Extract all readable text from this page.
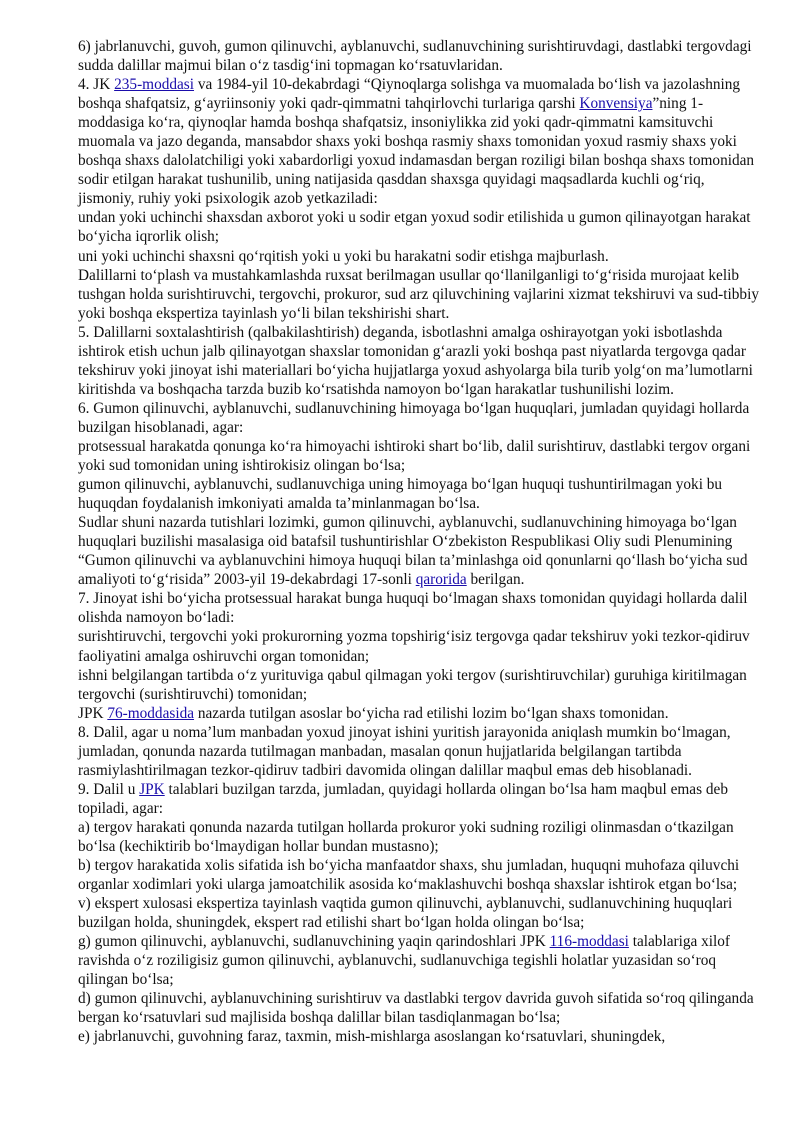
6) jabrlanuvchi, guvoh, gumon qilinuvchi, ayblanuvchi, sudlanuvchining surishtiruvdagi, dastlabki tergovdagi sudda dalillar majmui bilan o‘z tasdig‘ini topmagan ko‘rsatuvlaridan.

4. JK 235-moddasi va 1984-yil 10-dekabrdagi “Qiynoqlarga solishga va muomalada bo‘lish va jazolashning boshqa shafqatsiz, g‘ayriinsoniy yoki qadr-qimmatni tahqirlovchi turlariga qarshi Konvensiya”ning 1-moddasiga ko‘ra, qiynoqlar hamda boshqa shafqatsiz, insoniylikka zid yoki qadr-qimmatni kamsituvchi muomala va jazo deganda, mansabdor shaxs yoki boshqa rasmiy shaxs tomonidan yoxud rasmiy shaxs yoki boshqa shaxs dalolatchiligi yoki xabardorligi yoxud indamasdan bergan roziligi bilan boshqa shaxs tomonidan sodir etilgan harakat tushunilib, uning natijasida qasddan shaxsga quyidagi maqsadlarda kuchli og‘riq, jismoniy, ruhiy yoki psixologik azob yetkaziladi:

undan yoki uchinchi shaxsdan axborot yoki u sodir etgan yoxud sodir etilishida u gumon qilinayotgan harakat bo‘yicha iqrorlik olish;

uni yoki uchinchi shaxsni qo‘rqitish yoki u yoki bu harakatni sodir etishga majburlash.

Dalillarni to‘plash va mustahkamlashda ruxsat berilmagan usullar qo‘llanilganligi to‘g‘risida murojaat kelib tushgan holda surishtiruvchi, tergovchi, prokuror, sud arz qiluvchining vajlarini xizmat tekshiruvi va sud-tibbiy yoki boshqa ekspertiza tayinlash yo‘li bilan tekshirishi shart.

5. Dalillarni soxtalashtirish (qalbakilashtirish) deganda, isbotlashni amalga oshirayotgan yoki isbotlashda ishtirok etish uchun jalb qilinayotgan shaxslar tomonidan g‘arazli yoki boshqa past niyatlarda tergovga qadar tekshiruv yoki jinoyat ishi materiallari bo‘yicha hujjatlarga yoxud ashyolarga bila turib yolg‘on ma’lumotlarni kiritishda va boshqacha tarzda buzib ko‘rsatishda namoyon bo‘lgan harakatlar tushunilishi lozim.

6. Gumon qilinuvchi, ayblanuvchi, sudlanuvchining himoyaga bo‘lgan huquqlari, jumladan quyidagi hollarda buzilgan hisoblanadi, agar:

protsessual harakatda qonunga ko‘ra himoyachi ishtiroki shart bo‘lib, dalil surishtiruv, dastlabki tergov organi yoki sud tomonidan uning ishtirokisiz olingan bo‘lsa;

gumon qilinuvchi, ayblanuvchi, sudlanuvchiga uning himoyaga bo‘lgan huquqi tushuntirilmagan yoki bu huquqdan foydalanish imkoniyati amalda ta’minlanmagan bo‘lsa.

Sudlar shuni nazarda tutishlari lozimki, gumon qilinuvchi, ayblanuvchi, sudlanuvchining himoyaga bo‘lgan huquqlari buzilishi masalasiga oid batafsil tushuntirishlar O‘zbekiston Respublikasi Oliy sudi Plenumining “Gumon qilinuvchi va ayblanuvchini himoya huquqi bilan ta’minlashga oid qonunlarni qo‘llash bo‘yicha sud amaliyoti to‘g‘risida” 2003-yil 19-dekabrdagi 17-sonli qarorida berilgan.

7. Jinoyat ishi bo‘yicha protsessual harakat bunga huquqi bo‘lmagan shaxs tomonidan quyidagi hollarda dalil olishda namoyon bo‘ladi:

surishtiruvchi, tergovchi yoki prokurorning yozma topshirig‘isiz tergovga qadar tekshiruv yoki tezkor-qidiruv faoliyatini amalga oshiruvchi organ tomonidan;

ishni belgilangan tartibda o‘z yurituviga qabul qilmagan yoki tergov (surishtiruvchilar) guruhiga kiritilmagan tergovchi (surishtiruvchi) tomonidan;

JPK 76-moddasida nazarda tutilgan asoslar bo‘yicha rad etilishi lozim bo‘lgan shaxs tomonidan.

8. Dalil, agar u noma’lum manbadan yoxud jinoyat ishini yuritish jarayonida aniqlash mumkin bo‘lmagan, jumladan, qonunda nazarda tutilmagan manbadan, masalan qonun hujjatlarida belgilangan tartibda rasmiylashtirilmagan tezkor-qidiruv tadbiri davomida olingan dalillar maqbul emas deb hisoblanadi.

9. Dalil u JPK talablari buzilgan tarzda, jumladan, quyidagi hollarda olingan bo‘lsa ham maqbul emas deb topiladi, agar:

a) tergov harakati qonunda nazarda tutilgan hollarda prokuror yoki sudning roziligi olinmasdan o‘tkazilgan bo‘lsa (kechiktirib bo‘lmaydigan hollar bundan mustasno);

b) tergov harakatida xolis sifatida ish bo‘yicha manfaatdor shaxs, shu jumladan, huquqni muhofaza qiluvchi organlar xodimlari yoki ularga jamoatchilik asosida ko‘maklashuvchi boshqa shaxslar ishtirok etgan bo‘lsa;

v) ekspert xulosasi ekspertiza tayinlash vaqtida gumon qilinuvchi, ayblanuvchi, sudlanuvchining huquqlari buzilgan holda, shuningdek, ekspert rad etilishi shart bo‘lgan holda olingan bo‘lsa;

g) gumon qilinuvchi, ayblanuvchi, sudlanuvchining yaqin qarindoshlari JPK 116-moddasi talablariga xilof ravishda o‘z roziligisiz gumon qilinuvchi, ayblanuvchi, sudlanuvchiga tegishli holatlar yuzasidan so‘roq qilingan bo‘lsa;

d) gumon qilinuvchi, ayblanuvchining surishtiruv va dastlabki tergov davrida guvoh sifatida so‘roq qilinganda bergan ko‘rsatuvlari sud majlisida boshqa dalillar bilan tasdiqlanmagan bo‘lsa;

e) jabrlanuvchi, guvohning faraz, taxmin, mish-mishlarga asoslangan ko‘rsatuvlari, shuningdek,
